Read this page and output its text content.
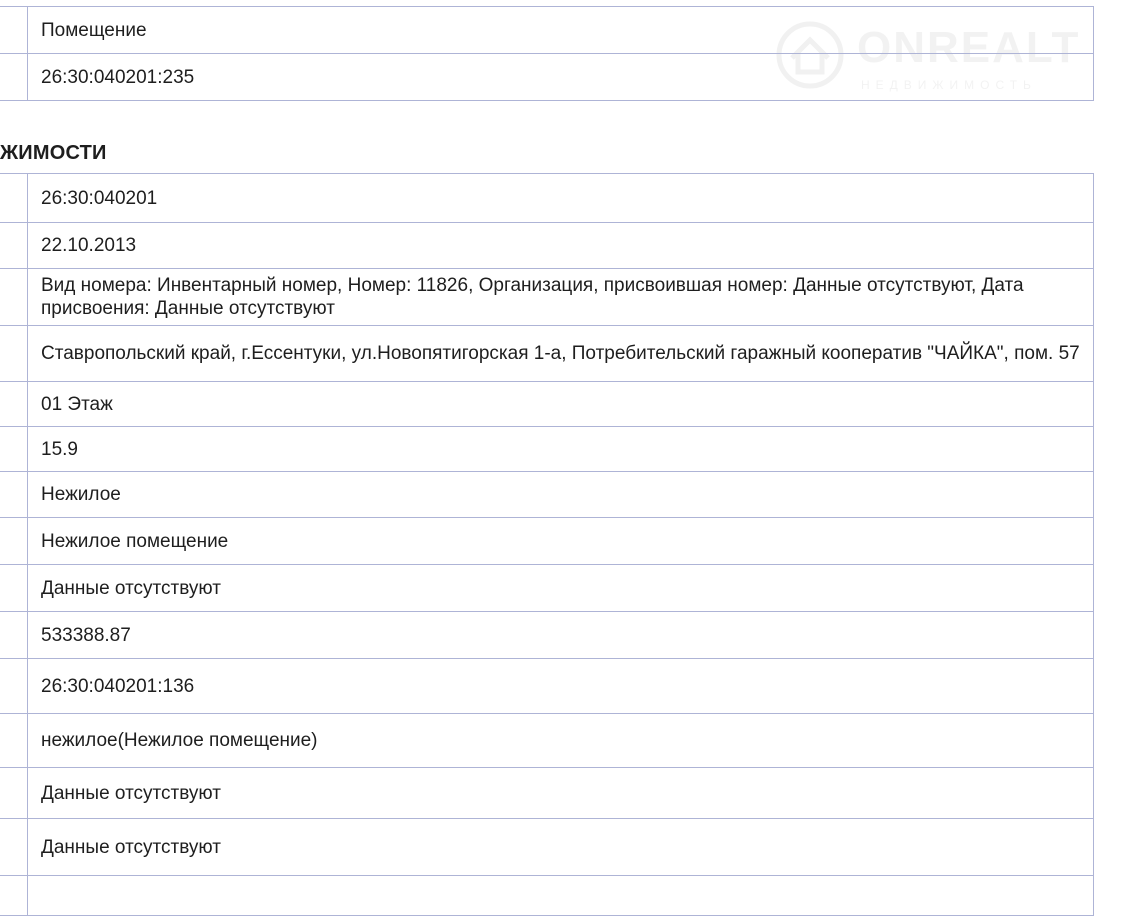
ONREALT
НЕДВИЖИМОСТЬ
	Помещение
	26:30:040201:235
ЖИМОСТИ
	26:30:040201
	22.10.2013
	Вид номера: Инвентарный номер, Номер: 11826, Организация, присвоившая номер: Данные отсутствуют, Дата присвоения: Данные отсутствуют
	Ставропольский край, г.Ессентуки, ул.Новопятигорская 1-а, Потребительский гаражный кооператив "ЧАЙКА", пом. 57
	01 Этаж
	15.9
	Нежилое
	Нежилое помещение
	Данные отсутствуют
	533388.87
	26:30:040201:136
	нежилое(Нежилое помещение)
	Данные отсутствуют
	Данные отсутствуют
